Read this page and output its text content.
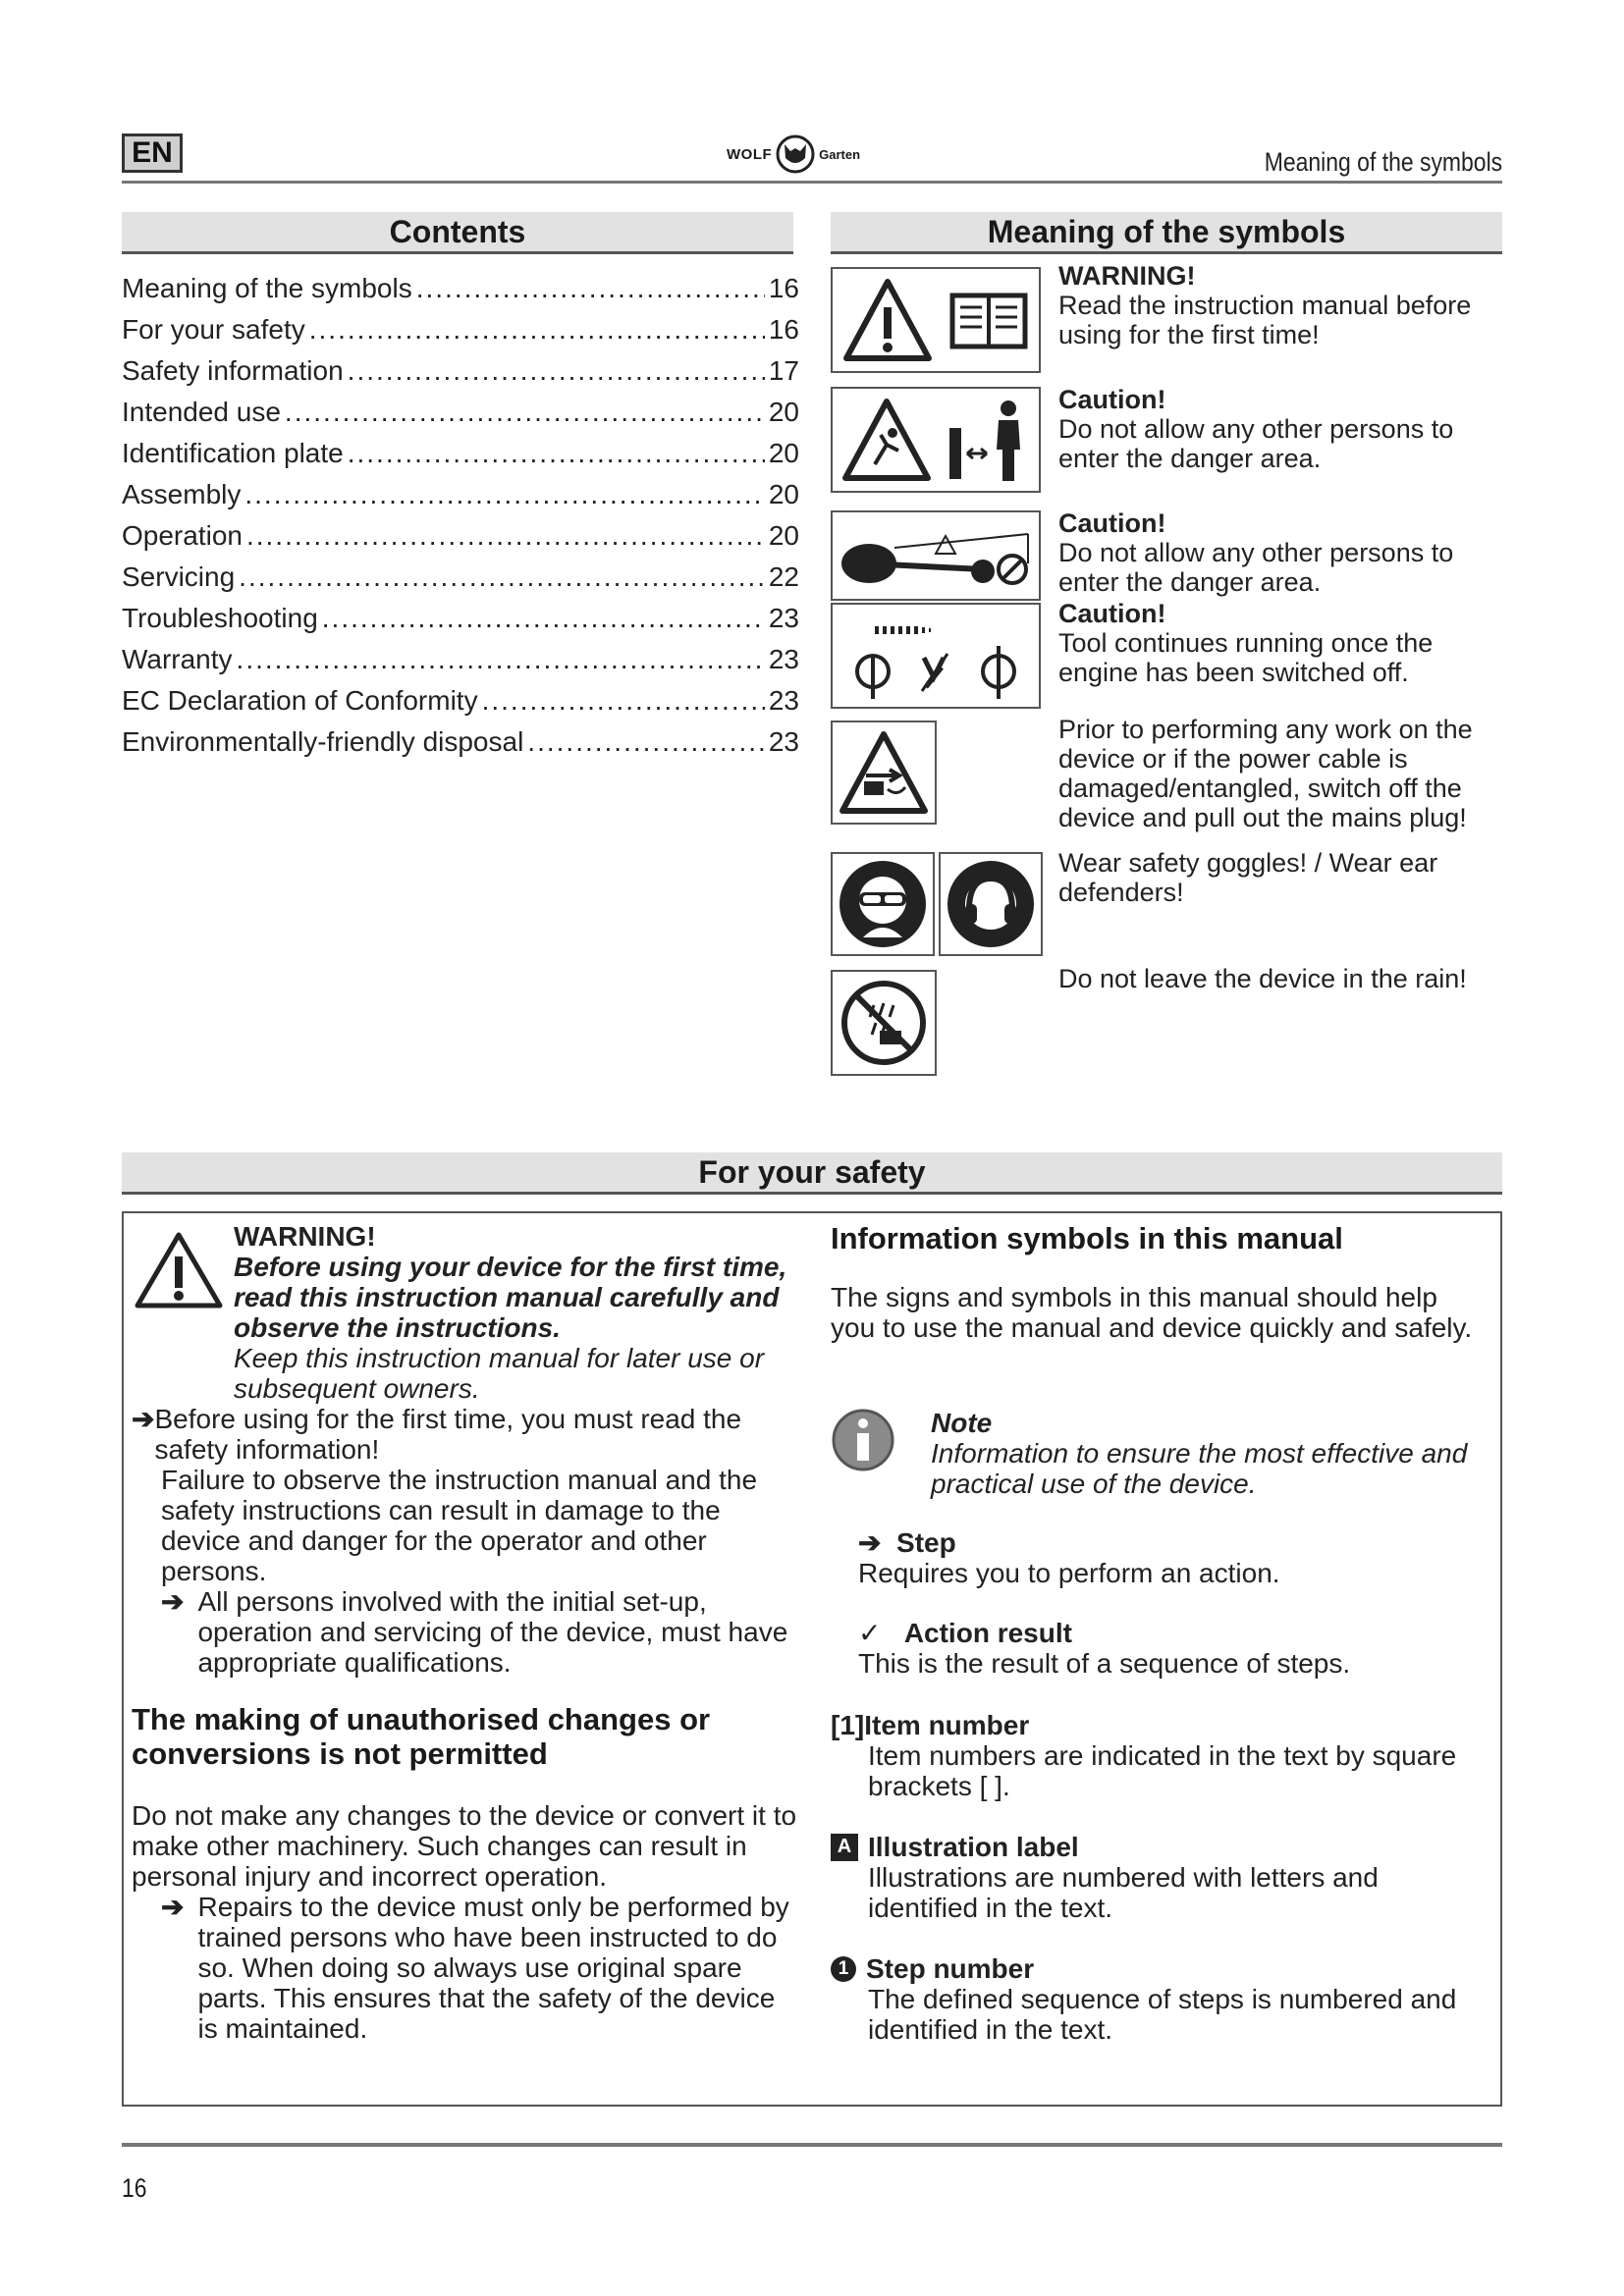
EN	WOLF	Garten	Meaning of the symbols
Contents
Meaning of the symbols .....	16
For your safety .....	16
Safety information .....	17
Intended use .....	20
Identification plate .....	20
Assembly .....	20
Operation .....	20
Servicing .....	22
Troubleshooting .....	23
Warranty .....	23
EC Declaration of Conformity .....	23
Environmentally-friendly disposal .....	23
Meaning of the symbols
WARNING!
Read the instruction manual before using for the first time!
Caution!
Do not allow any other persons to enter the danger area.
Caution!
Do not allow any other persons to enter the danger area.
Caution!
Tool continues running once the engine has been switched off.
Prior to performing any work on the device or if the power cable is damaged/entangled, switch off the device and pull out the mains plug!
Wear safety goggles! / Wear ear defenders!
Do not leave the device in the rain!
For your safety
WARNING!
Before using your device for the first time, read this instruction manual carefully and observe the instructions.
Keep this instruction manual for later use or subsequent owners.
➔ Before using for the first time, you must read the safety information!
Failure to observe the instruction manual and the safety instructions can result in damage to the device and danger for the operator and other persons.
➔ All persons involved with the initial set-up, operation and servicing of the device, must have appropriate qualifications.
The making of unauthorised changes or conversions is not permitted
Do not make any changes to the device or convert it to make other machinery. Such changes can result in personal injury and incorrect operation.
➔ Repairs to the device must only be performed by trained persons who have been instructed to do so. When doing so always use original spare parts. This ensures that the safety of the device is maintained.
Information symbols in this manual
The signs and symbols in this manual should help you to use the manual and device quickly and safely.
Note
Information to ensure the most effective and practical use of the device.
➔ Step
Requires you to perform an action.
✓ Action result
This is the result of a sequence of steps.
[1]Item number
Item numbers are indicated in the text by square brackets [ ].
A Illustration label
Illustrations are numbered with letters and identified in the text.
1 Step number
The defined sequence of steps is numbered and identified in the text.
16
